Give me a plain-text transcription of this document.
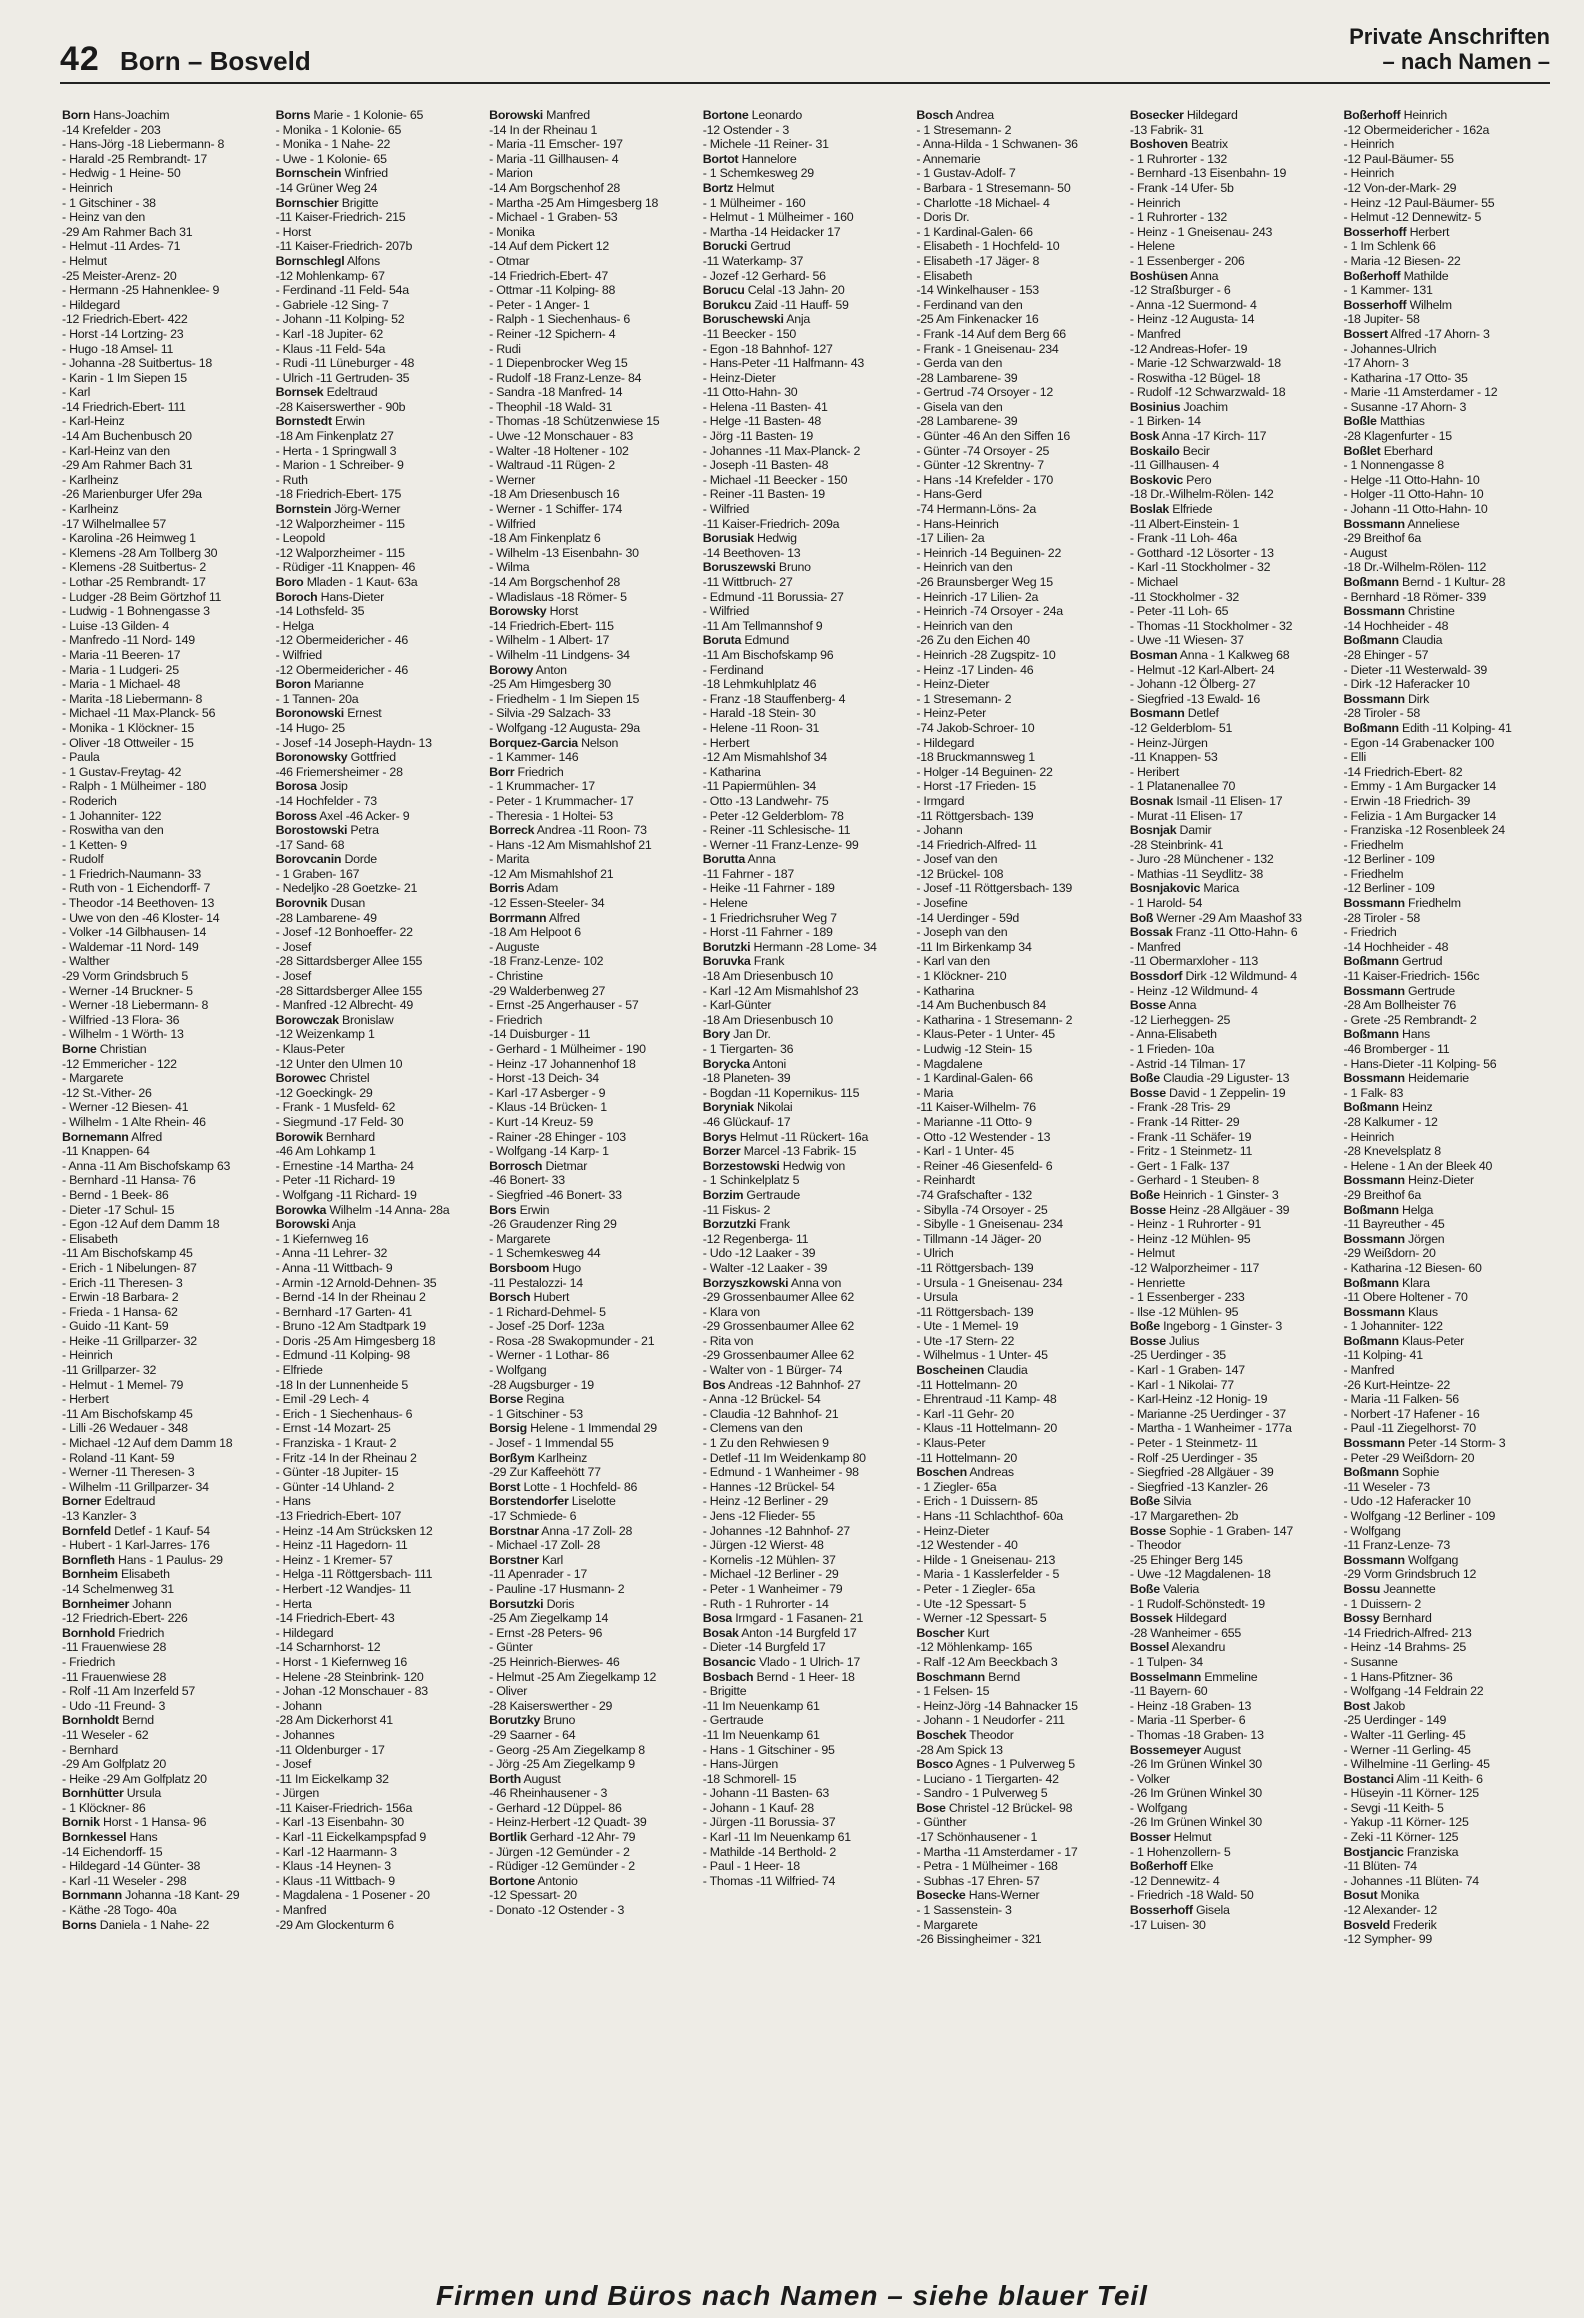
42 Born – Bosveld
Private Anschriften
– nach Namen –
Born Hans-Joachim
-14 Krefelder - 203
- Hans-Jörg -18 Liebermann- 8
- Harald -25 Rembrandt- 17
- Hedwig - 1 Heine- 50
- Heinrich
- 1 Gitschiner - 38
- Heinz van den
-29 Am Rahmer Bach 31
- Helmut -11 Ardes- 71
- Helmut
-25 Meister-Arenz- 20
- Hermann -25 Hahnenklee- 9
- Hildegard
-12 Friedrich-Ebert- 422
- Horst -14 Lortzing- 23
- Hugo -18 Amsel- 11
- Johanna -28 Suitbertus- 18
- Karin - 1 Im Siepen 15
- Karl
-14 Friedrich-Ebert- 111
- Karl-Heinz
-14 Am Buchenbusch 20
- Karl-Heinz van den
-29 Am Rahmer Bach 31
- Karlheinz
-26 Marienburger Ufer 29a
- Karlheinz
-17 Wilhelmallee 57
- Karolina -26 Heimweg 1
- Klemens -28 Am Tollberg 30
- Klemens -28 Suitbertus- 2
- Lothar -25 Rembrandt- 17
- Ludger -28 Beim Görtzhof 11
- Ludwig - 1 Bohnengasse 3
- Luise -13 Gilden- 4
- Manfredo -11 Nord- 149
- Maria -11 Beeren- 17
- Maria - 1 Ludgeri- 25
- Maria - 1 Michael- 48
- Marita -18 Liebermann- 8
- Michael -11 Max-Planck- 56
- Monika - 1 Klöckner- 15
- Oliver -18 Ottweiler - 15
- Paula
- 1 Gustav-Freytag- 42
- Ralph - 1 Mülheimer - 180
- Roderich
- 1 Johanniter- 122
- Roswitha van den
- 1 Ketten- 9
- Rudolf
- 1 Friedrich-Naumann- 33
- Ruth von - 1 Eichendorff- 7
- Theodor -14 Beethoven- 13
- Uwe von den -46 Kloster- 14
- Volker -14 Gilbhausen- 14
- Waldemar -11 Nord- 149
- Walther
-29 Vorm Grindsbruch 5
- Werner -14 Bruckner- 5
- Werner -18 Liebermann- 8
- Wilfried -13 Flora- 36
- Wilhelm - 1 Wörth- 13
Borne Christian
-12 Emmericher - 122
- Margarete
-12 St.-Vither- 26
- Werner -12 Biesen- 41
- Wilhelm - 1 Alte Rhein- 46
Bornemann Alfred
-11 Knappen- 64
- Anna -11 Am Bischofskamp 63
- Bernhard -11 Hansa- 76
- Bernd - 1 Beek- 86
- Dieter -17 Schul- 15
- Egon -12 Auf dem Damm 18
- Elisabeth
-11 Am Bischofskamp 45
- Erich - 1 Nibelungen- 87
- Erich -11 Theresen- 3
- Erwin -18 Barbara- 2
- Frieda - 1 Hansa- 62
- Guido -11 Kant- 59
- Heike -11 Grillparzer- 32
- Heinrich
-11 Grillparzer- 32
- Helmut - 1 Memel- 79
- Herbert
-11 Am Bischofskamp 45
- Lilli -26 Wedauer - 348
- Michael -12 Auf dem Damm 18
- Roland -11 Kant- 59
- Werner -11 Theresen- 3
- Wilhelm -11 Grillparzer- 34
Borner Edeltraud
-13 Kanzler- 3
Bornfeld Detlef - 1 Kauf- 54
- Hubert - 1 Karl-Jarres- 176
Bornfleth Hans - 1 Paulus- 29
Bornheim Elisabeth
-14 Schelmenweg 31
Bornheimer Johann
-12 Friedrich-Ebert- 226
Bornhold Friedrich
-11 Frauenwiese 28
- Friedrich
-11 Frauenwiese 28
- Rolf -11 Am Inzerfeld 57
- Udo -11 Freund- 3
Bornholdt Bernd
-11 Weseler - 62
- Bernhard
-29 Am Golfplatz 20
- Heike -29 Am Golfplatz 20
Bornhütter Ursula
- 1 Klöckner- 86
Bornik Horst - 1 Hansa- 96
Bornkessel Hans
-14 Eichendorff- 15
- Hildegard -14 Günter- 38
- Karl -11 Weseler - 298
Bornmann Johanna -18 Kant- 29
- Käthe -28 Togo- 40a
Borns Daniela - 1 Nahe- 22
Borns Marie - 1 Kolonie- 65
- Monika - 1 Kolonie- 65
- Monika - 1 Nahe- 22
- Uwe - 1 Kolonie- 65
Bornschein Winfried
-14 Grüner Weg 24
Bornschier Brigitte
-11 Kaiser-Friedrich- 215
- Horst
-11 Kaiser-Friedrich- 207b
Bornschlegl Alfons
-12 Mohlenkamp- 67
- Ferdinand -11 Feld- 54a
- Gabriele -12 Sing- 7
- Johann -11 Kolping- 52
- Karl -18 Jupiter- 62
- Klaus -11 Feld- 54a
- Rudi -11 Lüneburger - 48
- Ulrich -11 Gertruden- 35
Bornsek Edeltraud
-28 Kaiserswerther - 90b
Bornstedt Erwin
-18 Am Finkenplatz 27
- Herta - 1 Springwall 3
- Marion - 1 Schreiber- 9
- Ruth
-18 Friedrich-Ebert- 175
Bornstein Jörg-Werner
-12 Walporzheimer - 115
- Leopold
-12 Walporzheimer - 115
- Rüdiger -11 Knappen- 46
Boro Mladen - 1 Kaut- 63a
Boroch Hans-Dieter
-14 Lothsfeld- 35
- Helga
-12 Obermeidericher - 46
- Wilfried
-12 Obermeidericher - 46
Boron Marianne
- 1 Tannen- 20a
Boronowski Ernest
-14 Hugo- 25
- Josef -14 Joseph-Haydn- 13
Boronowsky Gottfried
-46 Friemersheimer - 28
Borosa Josip
-14 Hochfelder - 73
Boross Axel -46 Acker- 9
Borostowski Petra
-17 Sand- 68
Borovcanin Dorde
- 1 Graben- 167
- Nedeljko -28 Goetzke- 21
Borovnik Dusan
-28 Lambarene- 49
- Josef -12 Bonhoeffer- 22
- Josef
-28 Sittardsberger Allee 155
- Josef
-28 Sittardsberger Allee 155
- Manfred -12 Albrecht- 49
Borowczak Bronislaw
-12 Weizenkamp 1
- Klaus-Peter
-12 Unter den Ulmen 10
Borowec Christel
-12 Goeckingk- 29
- Frank - 1 Musfeld- 62
- Siegmund -17 Feld- 30
Borowik Bernhard
-46 Am Lohkamp 1
- Ernestine -14 Martha- 24
- Peter -11 Richard- 19
- Wolfgang -11 Richard- 19
Borowka Wilhelm -14 Anna- 28a
Borowski Anja
- 1 Kiefernweg 16
- Anna -11 Lehrer- 32
- Anna -11 Wittbach- 9
- Armin -12 Arnold-Dehnen- 35
- Bernd -14 In der Rheinau 2
- Bernhard -17 Garten- 41
- Bruno -12 Am Stadtpark 19
- Doris -25 Am Himgesberg 18
- Edmund -11 Kolping- 98
- Elfriede
-18 In der Lunnenheide 5
- Emil -29 Lech- 4
- Erich - 1 Siechenhaus- 6
- Ernst -14 Mozart- 25
- Franziska - 1 Kraut- 2
- Fritz -14 In der Rheinau 2
- Günter -18 Jupiter- 15
- Günter -14 Uhland- 2
- Hans
-13 Friedrich-Ebert- 107
- Heinz -14 Am Strücksken 12
- Heinz -11 Hagedorn- 11
- Heinz - 1 Kremer- 57
- Helga -11 Röttgersbach- 111
- Herbert -12 Wandjes- 11
- Herta
-14 Friedrich-Ebert- 43
- Hildegard
-14 Scharnhorst- 12
- Horst - 1 Kiefernweg 16
- Helene -28 Steinbrink- 120
- Johan -12 Monschauer - 83
- Johann
-28 Am Dickerhorst 41
- Johannes
-11 Oldenburger - 17
- Josef
-11 Im Eickelkamp 32
- Jürgen
-11 Kaiser-Friedrich- 156a
- Karl -13 Eisenbahn- 30
- Karl -11 Eickelkampspfad 9
- Karl -12 Haarmann- 3
- Klaus -14 Heynen- 3
- Klaus -11 Wittbach- 9
- Magdalena - 1 Posener - 20
- Manfred
-29 Am Glockenturm 6
Borowski Manfred
-14 In der Rheinau 1
- Maria -11 Emscher- 197
- Maria -11 Gillhausen- 4
- Marion
-14 Am Borgschenhof 28
- Martha -25 Am Himgesberg 18
- Michael - 1 Graben- 53
- Monika
-14 Auf dem Pickert 12
- Otmar
-14 Friedrich-Ebert- 47
- Ottmar -11 Kolping- 88
- Peter - 1 Anger- 1
- Ralph - 1 Siechenhaus- 6
- Reiner -12 Spichern- 4
- Rudi
- 1 Diepenbrocker Weg 15
- Rudolf -18 Franz-Lenze- 84
- Sandra -18 Manfred- 14
- Theophil -18 Wald- 31
- Thomas -18 Schützenwiese 15
- Uwe -12 Monschauer - 83
- Walter -18 Holtener - 102
- Waltraud -11 Rügen- 2
- Werner
-18 Am Driesenbusch 16
- Werner - 1 Schiffer- 174
- Wilfried
-18 Am Finkenplatz 6
- Wilhelm -13 Eisenbahn- 30
- Wilma
-14 Am Borgschenhof 28
- Wladislaus -18 Römer- 5
Borowsky Horst
-14 Friedrich-Ebert- 115
- Wilhelm - 1 Albert- 17
- Wilhelm -11 Lindgens- 34
Borowy Anton
-25 Am Himgesberg 30
- Friedhelm - 1 Im Siepen 15
- Silvia -29 Salzach- 33
- Wolfgang -12 Augusta- 29a
Borquez-Garcia Nelson
- 1 Kammer- 146
Borr Friedrich
- 1 Krummacher- 17
- Peter - 1 Krummacher- 17
- Theresia - 1 Holtei- 53
Borreck Andrea -11 Roon- 73
- Hans -12 Am Mismahlshof 21
- Marita
-12 Am Mismahlshof 21
Borris Adam
-12 Essen-Steeler- 34
Borrmann Alfred
-18 Am Helpoot 6
- Auguste
-18 Franz-Lenze- 102
- Christine
-29 Walderbenweg 27
- Ernst -25 Angerhauser - 57
- Friedrich
-14 Duisburger - 11
- Gerhard - 1 Mülheimer - 190
- Heinz -17 Johannenhof 18
- Horst -13 Deich- 34
- Karl -17 Asberger - 9
- Klaus -14 Brücken- 1
- Kurt -14 Kreuz- 59
- Rainer -28 Ehinger - 103
- Wolfgang -14 Karp- 1
Borrosch Dietmar
-46 Bonert- 33
- Siegfried -46 Bonert- 33
Bors Erwin
-26 Graudenzer Ring 29
- Margarete
- 1 Schemkesweg 44
Borsboom Hugo
-11 Pestalozzi- 14
Borsch Hubert
- 1 Richard-Dehmel- 5
- Josef -25 Dorf- 123a
- Rosa -28 Swakopmunder - 21
- Werner - 1 Lothar- 86
- Wolfgang
-28 Augsburger - 19
Borse Regina
- 1 Gitschiner - 53
Borsig Helene - 1 Immendal 29
- Josef - 1 Immendal 55
Borßym Karlheinz
-29 Zur Kaffeehött 77
Borst Lotte - 1 Hochfeld- 86
Borstendorfer Liselotte
-17 Schmiede- 6
Borstnar Anna -17 Zoll- 28
- Michael -17 Zoll- 28
Borstner Karl
-11 Apenrader - 17
- Pauline -17 Husmann- 2
Borsutzki Doris
-25 Am Ziegelkamp 14
- Ernst -28 Peters- 96
- Günter
-25 Heinrich-Bierwes- 46
- Helmut -25 Am Ziegelkamp 12
- Oliver
-28 Kaiserswerther - 29
Borutzky Bruno
-29 Saarner - 64
- Georg -25 Am Ziegelkamp 8
- Jörg -25 Am Ziegelkamp 9
Borth August
-46 Rheinhausener - 3
- Gerhard -12 Düppel- 86
- Heinz-Herbert -12 Quadt- 39
Bortlik Gerhard -12 Ahr- 79
- Jürgen -12 Gemünder - 2
- Rüdiger -12 Gemünder - 2
Bortone Antonio
-12 Spessart- 20
- Donato -12 Ostender - 3
Bortone Leonardo
-12 Ostender - 3
- Michele -11 Reiner- 31
Bortot Hannelore
- 1 Schemkesweg 29
Bortz Helmut
- 1 Mülheimer - 160
- Helmut - 1 Mülheimer - 160
- Martha -14 Heidacker 17
Borucki Gertrud
-11 Waterkamp- 37
- Jozef -12 Gerhard- 56
Borucu Celal -13 Jahn- 20
Borukcu Zaid -11 Hauff- 59
Boruschewski Anja
-11 Beecker - 150
- Egon -18 Bahnhof- 127
- Hans-Peter -11 Halfmann- 43
- Heinz-Dieter
-11 Otto-Hahn- 30
- Helena -11 Basten- 41
- Helge -11 Basten- 48
- Jörg -11 Basten- 19
- Johannes -11 Max-Planck- 2
- Joseph -11 Basten- 48
- Michael -11 Beecker - 150
- Reiner -11 Basten- 19
- Wilfried
-11 Kaiser-Friedrich- 209a
Borusiak Hedwig
-14 Beethoven- 13
Boruszewski Bruno
-11 Wittbruch- 27
- Edmund -11 Borussia- 27
- Wilfried
-11 Am Tellmannshof 9
Boruta Edmund
-11 Am Bischofskamp 96
- Ferdinand
-18 Lehmkuhlplatz 46
- Franz -18 Stauffenberg- 4
- Harald -18 Stein- 30
- Helene -11 Roon- 31
- Herbert
-12 Am Mismahlshof 34
- Katharina
-11 Papiermühlen- 34
- Otto -13 Landwehr- 75
- Peter -12 Gelderblom- 78
- Reiner -11 Schlesische- 11
- Werner -11 Franz-Lenze- 99
Borutta Anna
-11 Fahrner - 187
- Heike -11 Fahrner - 189
- Helene
- 1 Friedrichsruher Weg 7
- Horst -11 Fahrner - 189
Borutzki Hermann -28 Lome- 34
Boruvka Frank
-18 Am Driesenbusch 10
- Karl -12 Am Mismahlshof 23
- Karl-Günter
-18 Am Driesenbusch 10
Bory Jan Dr.
- 1 Tiergarten- 36
Borycka Antoni
-18 Planeten- 39
- Bogdan -11 Kopernikus- 115
Boryniak Nikolai
-46 Glückauf- 17
Borys Helmut -11 Rückert- 16a
Borzer Marcel -13 Fabrik- 15
Borzestowski Hedwig von
- 1 Schinkelplatz 5
Borzim Gertraude
-11 Fiskus- 2
Borzutzki Frank
-12 Regenberga- 11
- Udo -12 Laaker - 39
- Walter -12 Laaker - 39
Borzyszkowski Anna von
-29 Grossenbaumer Allee 62
- Klara von
-29 Grossenbaumer Allee 62
- Rita von
-29 Grossenbaumer Allee 62
- Walter von - 1 Bürger- 74
Bos Andreas -12 Bahnhof- 27
- Anna -12 Brückel- 54
- Claudia -12 Bahnhof- 21
- Clemens van den
- 1 Zu den Rehwiesen 9
- Detlef -11 Im Weidenkamp 80
- Edmund - 1 Wanheimer - 98
- Hannes -12 Brückel- 54
- Heinz -12 Berliner - 29
- Jens -12 Flieder- 55
- Johannes -12 Bahnhof- 27
- Jürgen -12 Wierst- 48
- Kornelis -12 Mühlen- 37
- Michael -12 Berliner - 29
- Peter - 1 Wanheimer - 79
- Ruth - 1 Ruhrorter - 14
Bosa Irmgard - 1 Fasanen- 21
Bosak Anton -14 Burgfeld 17
- Dieter -14 Burgfeld 17
Bosancic Vlado - 1 Ulrich- 17
Bosbach Bernd - 1 Heer- 18
- Brigitte
-11 Im Neuenkamp 61
- Gertraude
-11 Im Neuenkamp 61
- Hans - 1 Gitschiner - 95
- Hans-Jürgen
-18 Schmorell- 15
- Johann -11 Basten- 63
- Johann - 1 Kauf- 28
- Jürgen -11 Borussia- 37
- Karl -11 Im Neuenkamp 61
- Mathilde -14 Berthold- 2
- Paul - 1 Heer- 18
- Thomas -11 Wilfried- 74
Bosch Andrea
- 1 Stresemann- 2
- Anna-Hilda - 1 Schwanen- 36
- Annemarie
- 1 Gustav-Adolf- 7
- Barbara - 1 Stresemann- 50
- Charlotte -18 Michael- 4
- Doris Dr.
- 1 Kardinal-Galen- 66
- Elisabeth - 1 Hochfeld- 10
- Elisabeth -17 Jäger- 8
- Elisabeth
-14 Winkelhauser - 153
- Ferdinand van den
-25 Am Finkenacker 16
- Frank -14 Auf dem Berg 66
- Frank - 1 Gneisenau- 234
- Gerda van den
-28 Lambarene- 39
- Gertrud -74 Orsoyer - 12
- Gisela van den
-28 Lambarene- 39
- Günter -46 An den Siffen 16
- Günter -74 Orsoyer - 25
- Günter -12 Skrentny- 7
- Hans -14 Krefelder - 170
- Hans-Gerd
-74 Hermann-Löns- 2a
- Hans-Heinrich
-17 Lilien- 2a
- Heinrich -14 Beguinen- 22
- Heinrich van den
-26 Braunsberger Weg 15
- Heinrich -17 Lilien- 2a
- Heinrich -74 Orsoyer - 24a
- Heinrich van den
-26 Zu den Eichen 40
- Heinrich -28 Zugspitz- 10
- Heinz -17 Linden- 46
- Heinz-Dieter
- 1 Stresemann- 2
- Heinz-Peter
-74 Jakob-Schroer- 10
- Hildegard
-18 Bruckmannsweg 1
- Holger -14 Beguinen- 22
- Horst -17 Frieden- 15
- Irmgard
-11 Röttgersbach- 139
- Johann
-14 Friedrich-Alfred- 11
- Josef van den
-12 Brückel- 108
- Josef -11 Röttgersbach- 139
- Josefine
-14 Uerdinger - 59d
- Joseph van den
-11 Im Birkenkamp 34
- Karl van den
- 1 Klöckner- 210
- Katharina
-14 Am Buchenbusch 84
- Katharina - 1 Stresemann- 2
- Klaus-Peter - 1 Unter- 45
- Ludwig -12 Stein- 15
- Magdalene
- 1 Kardinal-Galen- 66
- Maria
-11 Kaiser-Wilhelm- 76
- Marianne -11 Otto- 9
- Otto -12 Westender - 13
- Karl - 1 Unter- 45
- Reiner -46 Giesenfeld- 6
- Reinhardt
-74 Grafschafter - 132
- Sibylla -74 Orsoyer - 25
- Sibylle - 1 Gneisenau- 234
- Tillmann -14 Jäger- 20
- Ulrich
-11 Röttgersbach- 139
- Ursula - 1 Gneisenau- 234
- Ursula
-11 Röttgersbach- 139
- Ute - 1 Memel- 19
- Ute -17 Stern- 22
- Wilhelmus - 1 Unter- 45
Boscheinen Claudia
-11 Hottelmann- 20
- Ehrentraud -11 Kamp- 48
- Karl -11 Gehr- 20
- Klaus -11 Hottelmann- 20
- Klaus-Peter
-11 Hottelmann- 20
Boschen Andreas
- 1 Ziegler- 65a
- Erich - 1 Duissern- 85
- Hans -11 Schlachthof- 60a
- Heinz-Dieter
-12 Westender - 40
- Hilde - 1 Gneisenau- 213
- Maria - 1 Kasslerfelder - 5
- Peter - 1 Ziegler- 65a
- Ute -12 Spessart- 5
- Werner -12 Spessart- 5
Boscher Kurt
-12 Möhlenkamp- 165
- Ralf -12 Am Beeckbach 3
Boschmann Bernd
- 1 Felsen- 15
- Heinz-Jörg -14 Bahnacker 15
- Johann - 1 Neudorfer - 211
Boschek Theodor
-28 Am Spick 13
Bosco Agnes - 1 Pulverweg 5
- Luciano - 1 Tiergarten- 42
- Sandro - 1 Pulverweg 5
Bose Christel -12 Brückel- 98
- Günther
-17 Schönhausener - 1
- Martha -11 Amsterdamer - 17
- Petra - 1 Mülheimer - 168
- Subhas -17 Ehren- 57
Bosecke Hans-Werner
- 1 Sassenstein- 3
- Margarete
-26 Bissingheimer - 321
Bosecker Hildegard
-13 Fabrik- 31
Boshoven Beatrix
- 1 Ruhrorter - 132
- Bernhard -13 Eisenbahn- 19
- Frank -14 Ufer- 5b
- Heinrich
- 1 Ruhrorter - 132
- Heinz - 1 Gneisenau- 243
- Helene
- 1 Essenberger - 206
Boshüsen Anna
-12 Straßburger - 6
- Anna -12 Suermond- 4
- Heinz -12 Augusta- 14
- Manfred
-12 Andreas-Hofer- 19
- Marie -12 Schwarzwald- 18
- Roswitha -12 Bügel- 18
- Rudolf -12 Schwarzwald- 18
Bosinius Joachim
- 1 Birken- 14
Bosk Anna -17 Kirch- 117
Boskailo Becir
-11 Gillhausen- 4
Boskovic Pero
-18 Dr.-Wilhelm-Rölen- 142
Boslak Elfriede
-11 Albert-Einstein- 1
- Frank -11 Loh- 46a
- Gotthard -12 Lösorter - 13
- Karl -11 Stockholmer - 32
- Michael
-11 Stockholmer - 32
- Peter -11 Loh- 65
- Thomas -11 Stockholmer - 32
- Uwe -11 Wiesen- 37
Bosman Anna - 1 Kalkweg 68
- Helmut -12 Karl-Albert- 24
- Johann -12 Ölberg- 27
- Siegfried -13 Ewald- 16
Bosmann Detlef
-12 Gelderblom- 51
- Heinz-Jürgen
-11 Knappen- 53
- Heribert
- 1 Platanenallee 70
Bosnak Ismail -11 Elisen- 17
- Murat -11 Elisen- 17
Bosnjak Damir
-28 Steinbrink- 41
- Juro -28 Münchener - 132
- Mathias -11 Seydlitz- 38
Bosnjakovic Marica
- 1 Harold- 54
Boß Werner -29 Am Maashof 33
Bossak Franz -11 Otto-Hahn- 6
- Manfred
-11 Obermarxloher - 113
Bossdorf Dirk -12 Wildmund- 4
- Heinz -12 Wildmund- 4
Bosse Anna
-12 Lierheggen- 25
- Anna-Elisabeth
- 1 Frieden- 10a
- Astrid -14 Tilman- 17
Boße Claudia -29 Liguster- 13
Bosse David - 1 Zeppelin- 19
- Frank -28 Tris- 29
- Frank -14 Ritter- 29
- Frank -11 Schäfer- 19
- Fritz - 1 Steinmetz- 11
- Gert - 1 Falk- 137
- Gerhard - 1 Steuben- 8
Boße Heinrich - 1 Ginster- 3
Bosse Heinz -28 Allgäuer - 39
- Heinz - 1 Ruhrorter - 91
- Heinz -12 Mühlen- 95
- Helmut
-12 Walporzheimer - 117
- Henriette
- 1 Essenberger - 233
- Ilse -12 Mühlen- 95
Boße Ingeborg - 1 Ginster- 3
Bosse Julius
-25 Uerdinger - 35
- Karl - 1 Graben- 147
- Karl - 1 Nikolai- 77
- Karl-Heinz -12 Honig- 19
- Marianne -25 Uerdinger - 37
- Martha - 1 Wanheimer - 177a
- Peter - 1 Steinmetz- 11
- Rolf -25 Uerdinger - 35
- Siegfried -28 Allgäuer - 39
- Siegfried -13 Kanzler- 26
Boße Silvia
-17 Margarethen- 2b
Bosse Sophie - 1 Graben- 147
- Theodor
-25 Ehinger Berg 145
- Uwe -12 Magdalenen- 18
Boße Valeria
- 1 Rudolf-Schönstedt- 19
Bossek Hildegard
-28 Wanheimer - 655
Bossel Alexandru
- 1 Tulpen- 34
Bosselmann Emmeline
-11 Bayern- 60
- Heinz -18 Graben- 13
- Maria -11 Sperber- 6
- Thomas -18 Graben- 13
Bossemeyer August
-26 Im Grünen Winkel 30
- Volker
-26 Im Grünen Winkel 30
- Wolfgang
-26 Im Grünen Winkel 30
Bosser Helmut
- 1 Hohenzollern- 5
Boßerhoff Elke
-12 Dennewitz- 4
- Friedrich -18 Wald- 50
Bosserhoff Gisela
-17 Luisen- 30
Boßerhoff Heinrich
-12 Obermeidericher - 162a
- Heinrich
-12 Paul-Bäumer- 55
- Heinrich
-12 Von-der-Mark- 29
- Heinz -12 Paul-Bäumer- 55
- Helmut -12 Dennewitz- 5
Bosserhoff Herbert
- 1 Im Schlenk 66
- Maria -12 Biesen- 22
Boßerhoff Mathilde
- 1 Kammer- 131
Bosserhoff Wilhelm
-18 Jupiter- 58
Bossert Alfred -17 Ahorn- 3
- Johannes-Ulrich
-17 Ahorn- 3
- Katharina -17 Otto- 35
- Marie -11 Amsterdamer - 12
- Susanne -17 Ahorn- 3
Boßle Matthias
-28 Klagenfurter - 15
Boßlet Eberhard
- 1 Nonnengasse 8
- Helge -11 Otto-Hahn- 10
- Holger -11 Otto-Hahn- 10
- Johann -11 Otto-Hahn- 10
Bossmann Anneliese
-29 Breithof 6a
- August
-18 Dr.-Wilhelm-Rölen- 112
Boßmann Bernd - 1 Kultur- 28
- Bernhard -18 Römer- 339
Bossmann Christine
-14 Hochheider - 48
Boßmann Claudia
-28 Ehinger - 57
- Dieter -11 Westerwald- 39
- Dirk -12 Haferacker 10
Bossmann Dirk
-28 Tiroler - 58
Boßmann Edith -11 Kolping- 41
- Egon -14 Grabenacker 100
- Elli
-14 Friedrich-Ebert- 82
- Emmy - 1 Am Burgacker 14
- Erwin -18 Friedrich- 39
- Felizia - 1 Am Burgacker 14
- Franziska -12 Rosenbleek 24
- Friedhelm
-12 Berliner - 109
- Friedhelm
-12 Berliner - 109
Bossmann Friedhelm
-28 Tiroler - 58
- Friedrich
-14 Hochheider - 48
Boßmann Gertrud
-11 Kaiser-Friedrich- 156c
Bossmann Gertrude
-28 Am Bollheister 76
- Grete -25 Rembrandt- 2
Boßmann Hans
-46 Bromberger - 11
- Hans-Dieter -11 Kolping- 56
Bossmann Heidemarie
- 1 Falk- 83
Boßmann Heinz
-28 Kalkumer - 12
- Heinrich
-28 Knevelsplatz 8
- Helene - 1 An der Bleek 40
Bossmann Heinz-Dieter
-29 Breithof 6a
Boßmann Helga
-11 Bayreuther - 45
Bossmann Jörgen
-29 Weißdorn- 20
- Katharina -12 Biesen- 60
Boßmann Klara
-11 Obere Holtener - 70
Bossmann Klaus
- 1 Johanniter- 122
Boßmann Klaus-Peter
-11 Kolping- 41
- Manfred
-26 Kurt-Heintze- 22
- Maria -11 Falken- 56
- Norbert -17 Hafener - 16
- Paul -11 Ziegelhorst- 70
Bossmann Peter -14 Storm- 3
- Peter -29 Weißdorn- 20
Boßmann Sophie
-11 Weseler - 73
- Udo -12 Haferacker 10
- Wolfgang -12 Berliner - 109
- Wolfgang
-11 Franz-Lenze- 73
Bossmann Wolfgang
-29 Vorm Grindsbruch 12
Bossu Jeannette
- 1 Duissern- 2
Bossy Bernhard
-14 Friedrich-Alfred- 213
- Heinz -14 Brahms- 25
- Susanne
- 1 Hans-Pfitzner- 36
- Wolfgang -14 Feldrain 22
Bost Jakob
-25 Uerdinger - 149
- Walter -11 Gerling- 45
- Werner -11 Gerling- 45
- Wilhelmine -11 Gerling- 45
Bostanci Alim -11 Keith- 6
- Hüseyin -11 Körner- 125
- Sevgi -11 Keith- 5
- Yakup -11 Körner- 125
- Zeki -11 Körner- 125
Bostjancic Franziska
-11 Blüten- 74
- Johannes -11 Blüten- 74
Bosut Monika
-12 Alexander- 12
Bosveld Frederik
-12 Sympher- 99
Firmen und Büros nach Namen – siehe blauer Teil
